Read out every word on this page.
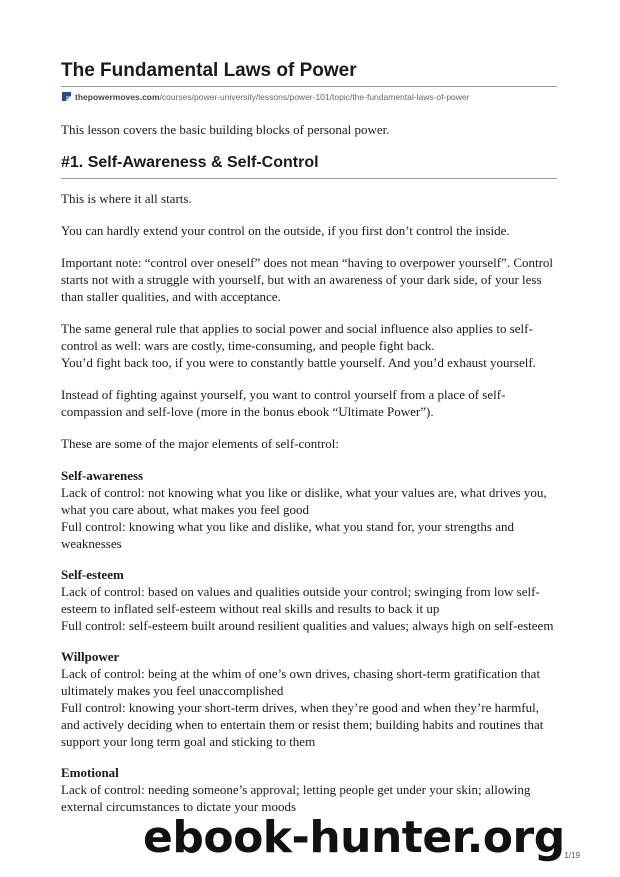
The Fundamental Laws of Power
thepowermoves.com /courses/power-university/lessons/power-101/topic/the-fundamental-laws-of-power

This lesson covers the basic building blocks of personal power.

#1. Self-Awareness & Self-Control

This is where it all starts.

You can hardly extend your control on the outside, if you first don’t control the inside.

Important note: “control over oneself” does not mean “having to overpower yourself”. Control starts not with a struggle with yourself, but with an awareness of your dark side, of your less than staller qualities, and with acceptance.

The same general rule that applies to social power and social influence also applies to self-control as well: wars are costly, time-consuming, and people fight back.
You’d fight back too, if you were to constantly battle yourself. And you’d exhaust yourself.

Instead of fighting against yourself, you want to control yourself from a place of self-compassion and self-love (more in the bonus ebook “Ultimate Power”).

These are some of the major elements of self-control:

Self-awareness
Lack of control: not knowing what you like or dislike, what your values are, what drives you, what you care about, what makes you feel good
Full control: knowing what you like and dislike, what you stand for, your strengths and weaknesses
Self-esteem
Lack of control: based on values and qualities outside your control; swinging from low self-esteem to inflated self-esteem without real skills and results to back it up
Full control: self-esteem built around resilient qualities and values; always high on self-esteem
Willpower
Lack of control: being at the whim of one’s own drives, chasing short-term gratification that ultimately makes you feel unaccomplished
Full control: knowing your short-term drives, when they’re good and when they’re harmful, and actively deciding when to entertain them or resist them; building habits and routines that support your long term goal and sticking to them
Emotional
Lack of control: needing someone’s approval; letting people get under your skin; allowing external circumstances to dictate your moods
ebook-hunter.org 1/19
